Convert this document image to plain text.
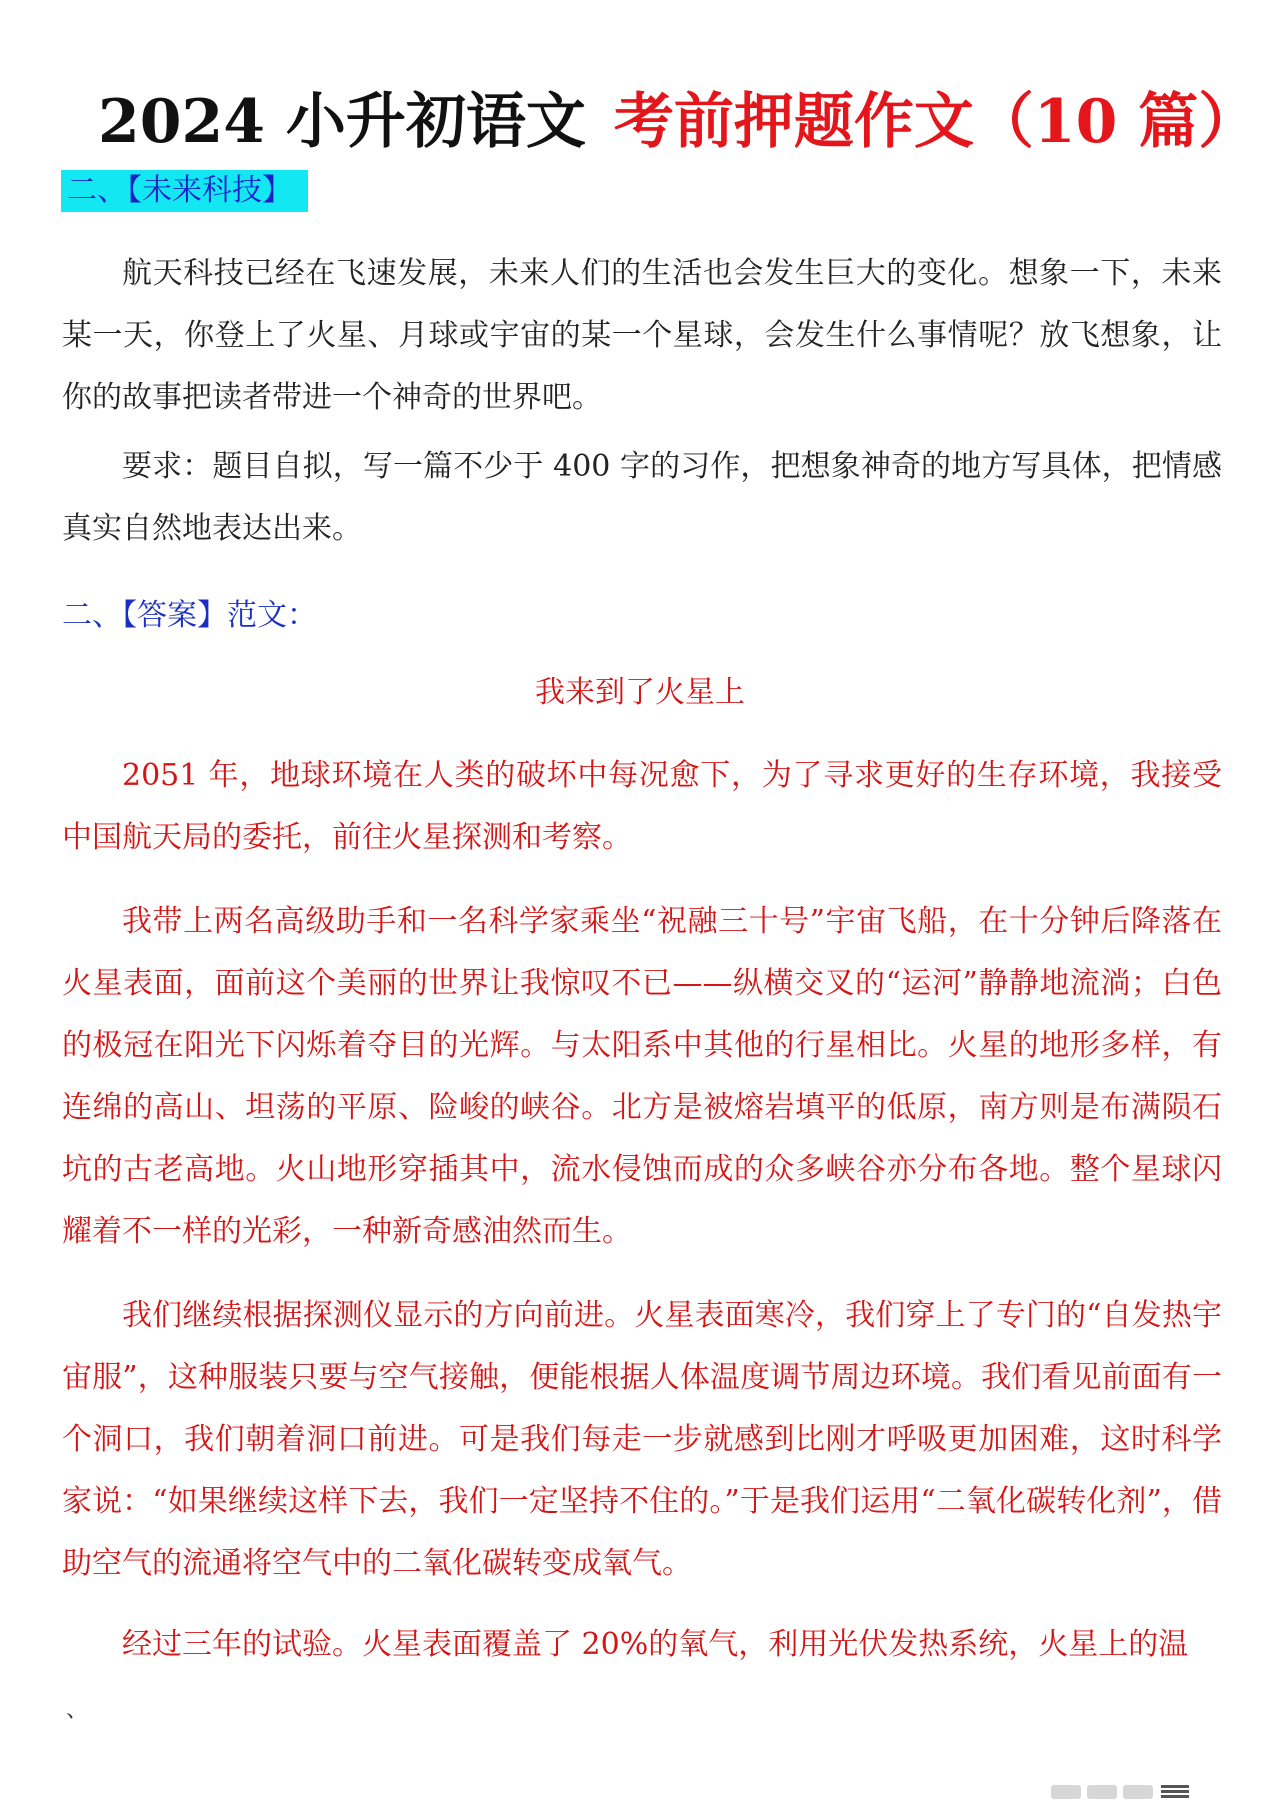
2024 小升初语文 考前押题作文（10 篇）
二、【未来科技】

航天科技已经在飞速发展，未来人们的生活也会发生巨大的变化。想象一下，未来某一天，你登上了火星、月球或宇宙的某一个星球，会发生什么事情呢？放飞想象，让你的故事把读者带进一个神奇的世界吧。

要求：题目自拟，写一篇不少于 400 字的习作，把想象神奇的地方写具体，把情感真实自然地表达出来。

二、【答案】范文：
我来到了火星上

2051 年，地球环境在人类的破坏中每况愈下，为了寻求更好的生存环境，我接受中国航天局的委托，前往火星探测和考察。

我带上两名高级助手和一名科学家乘坐“祝融三十号”宇宙飞船，在十分钟后降落在火星表面，面前这个美丽的世界让我惊叹不已——纵横交叉的“运河”静静地流淌；白色的极冠在阳光下闪烁着夺目的光辉。与太阳系中其他的行星相比。火星的地形多样，有连绵的高山、坦荡的平原、险峻的峡谷。北方是被熔岩填平的低原，南方则是布满陨石坑的古老高地。火山地形穿插其中，流水侵蚀而成的众多峡谷亦分布各地。整个星球闪耀着不一样的光彩，一种新奇感油然而生。

我们继续根据探测仪显示的方向前进。火星表面寒冷，我们穿上了专门的“自发热宇宙服”，这种服装只要与空气接触，便能根据人体温度调节周边环境。我们看见前面有一个洞口，我们朝着洞口前进。可是我们每走一步就感到比刚才呼吸更加困难，这时科学家说：“如果继续这样下去，我们一定坚持不住的。”于是我们运用“二氧化碳转化剂”，借助空气的流通将空气中的二氧化碳转变成氧气。

经过三年的试验。火星表面覆盖了 20%的氧气，利用光伏发热系统，火星上的温

、
